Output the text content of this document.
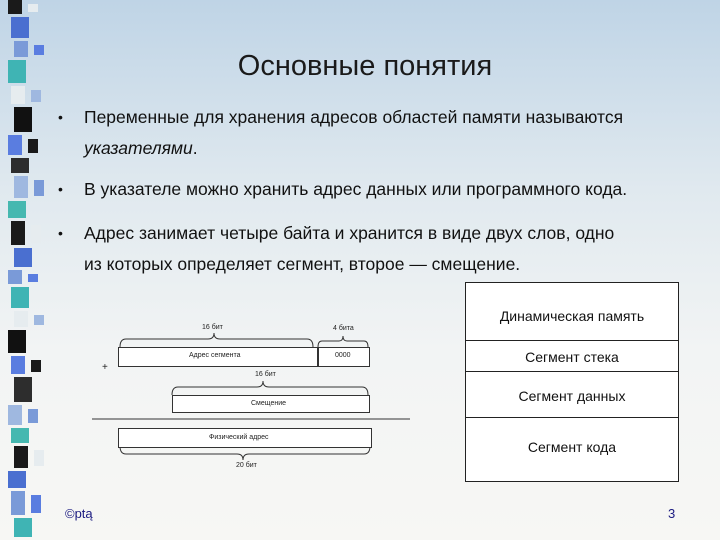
Основные понятия
• Переменные для хранения адресов областей памяти называются
указателями.
• В указателе можно хранить адрес данных или программного кода.
• Адрес занимает четыре байта и хранится в виде двух слов, одно
из которых определяет сегмент, второе — смещение.
16 бит	4 бита
Адрес сегмента	0000
+
16 бит
Смещение
Физический адрес
20 бит
Динамическая память
Сегмент стека
Сегмент данных
Сегмент кода
©ptą	3
